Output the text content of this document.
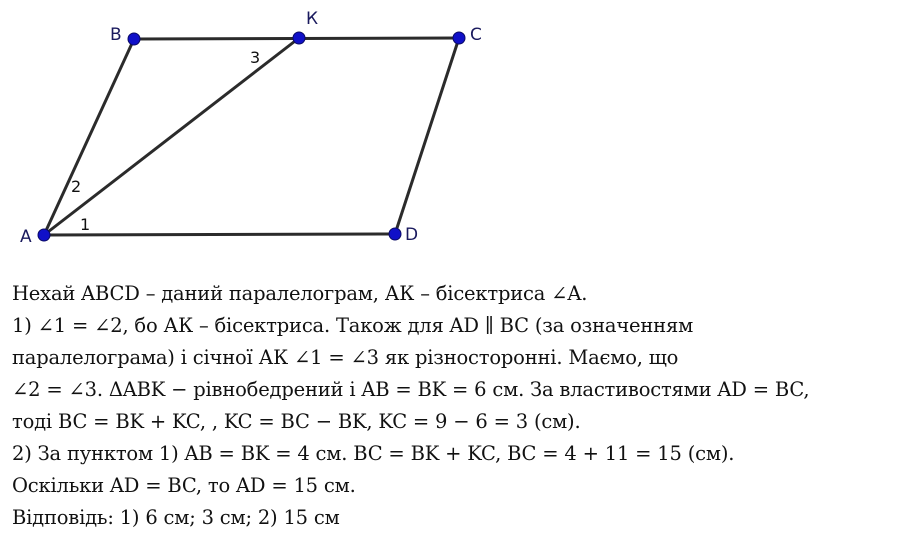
A
B
К
C
D
1
2
3
Нехай ABCD – даний паралелограм, АК – бісектриса ∠A.
1) ∠1 = ∠2, бо АК – бісектриса. Також для AD ∥ BC (за означенням
паралелограма) і січної АК ∠1 = ∠3 як різносторонні. Маємо, що
∠2 = ∠3. ΔABK − рівнобедрений і AB = BK = 6 см. За властивостями AD = BC,
тоді BC = BK + KC, , KC = BC − BK, KC = 9 − 6 = 3 (см).
2) За пунктом 1) AB = BK = 4 см. BC = BK + KC, BC = 4 + 11 = 15 (см).
Оскільки AD = BC, то AD = 15 см.
Відповідь: 1) 6 см; 3 см; 2) 15 см
